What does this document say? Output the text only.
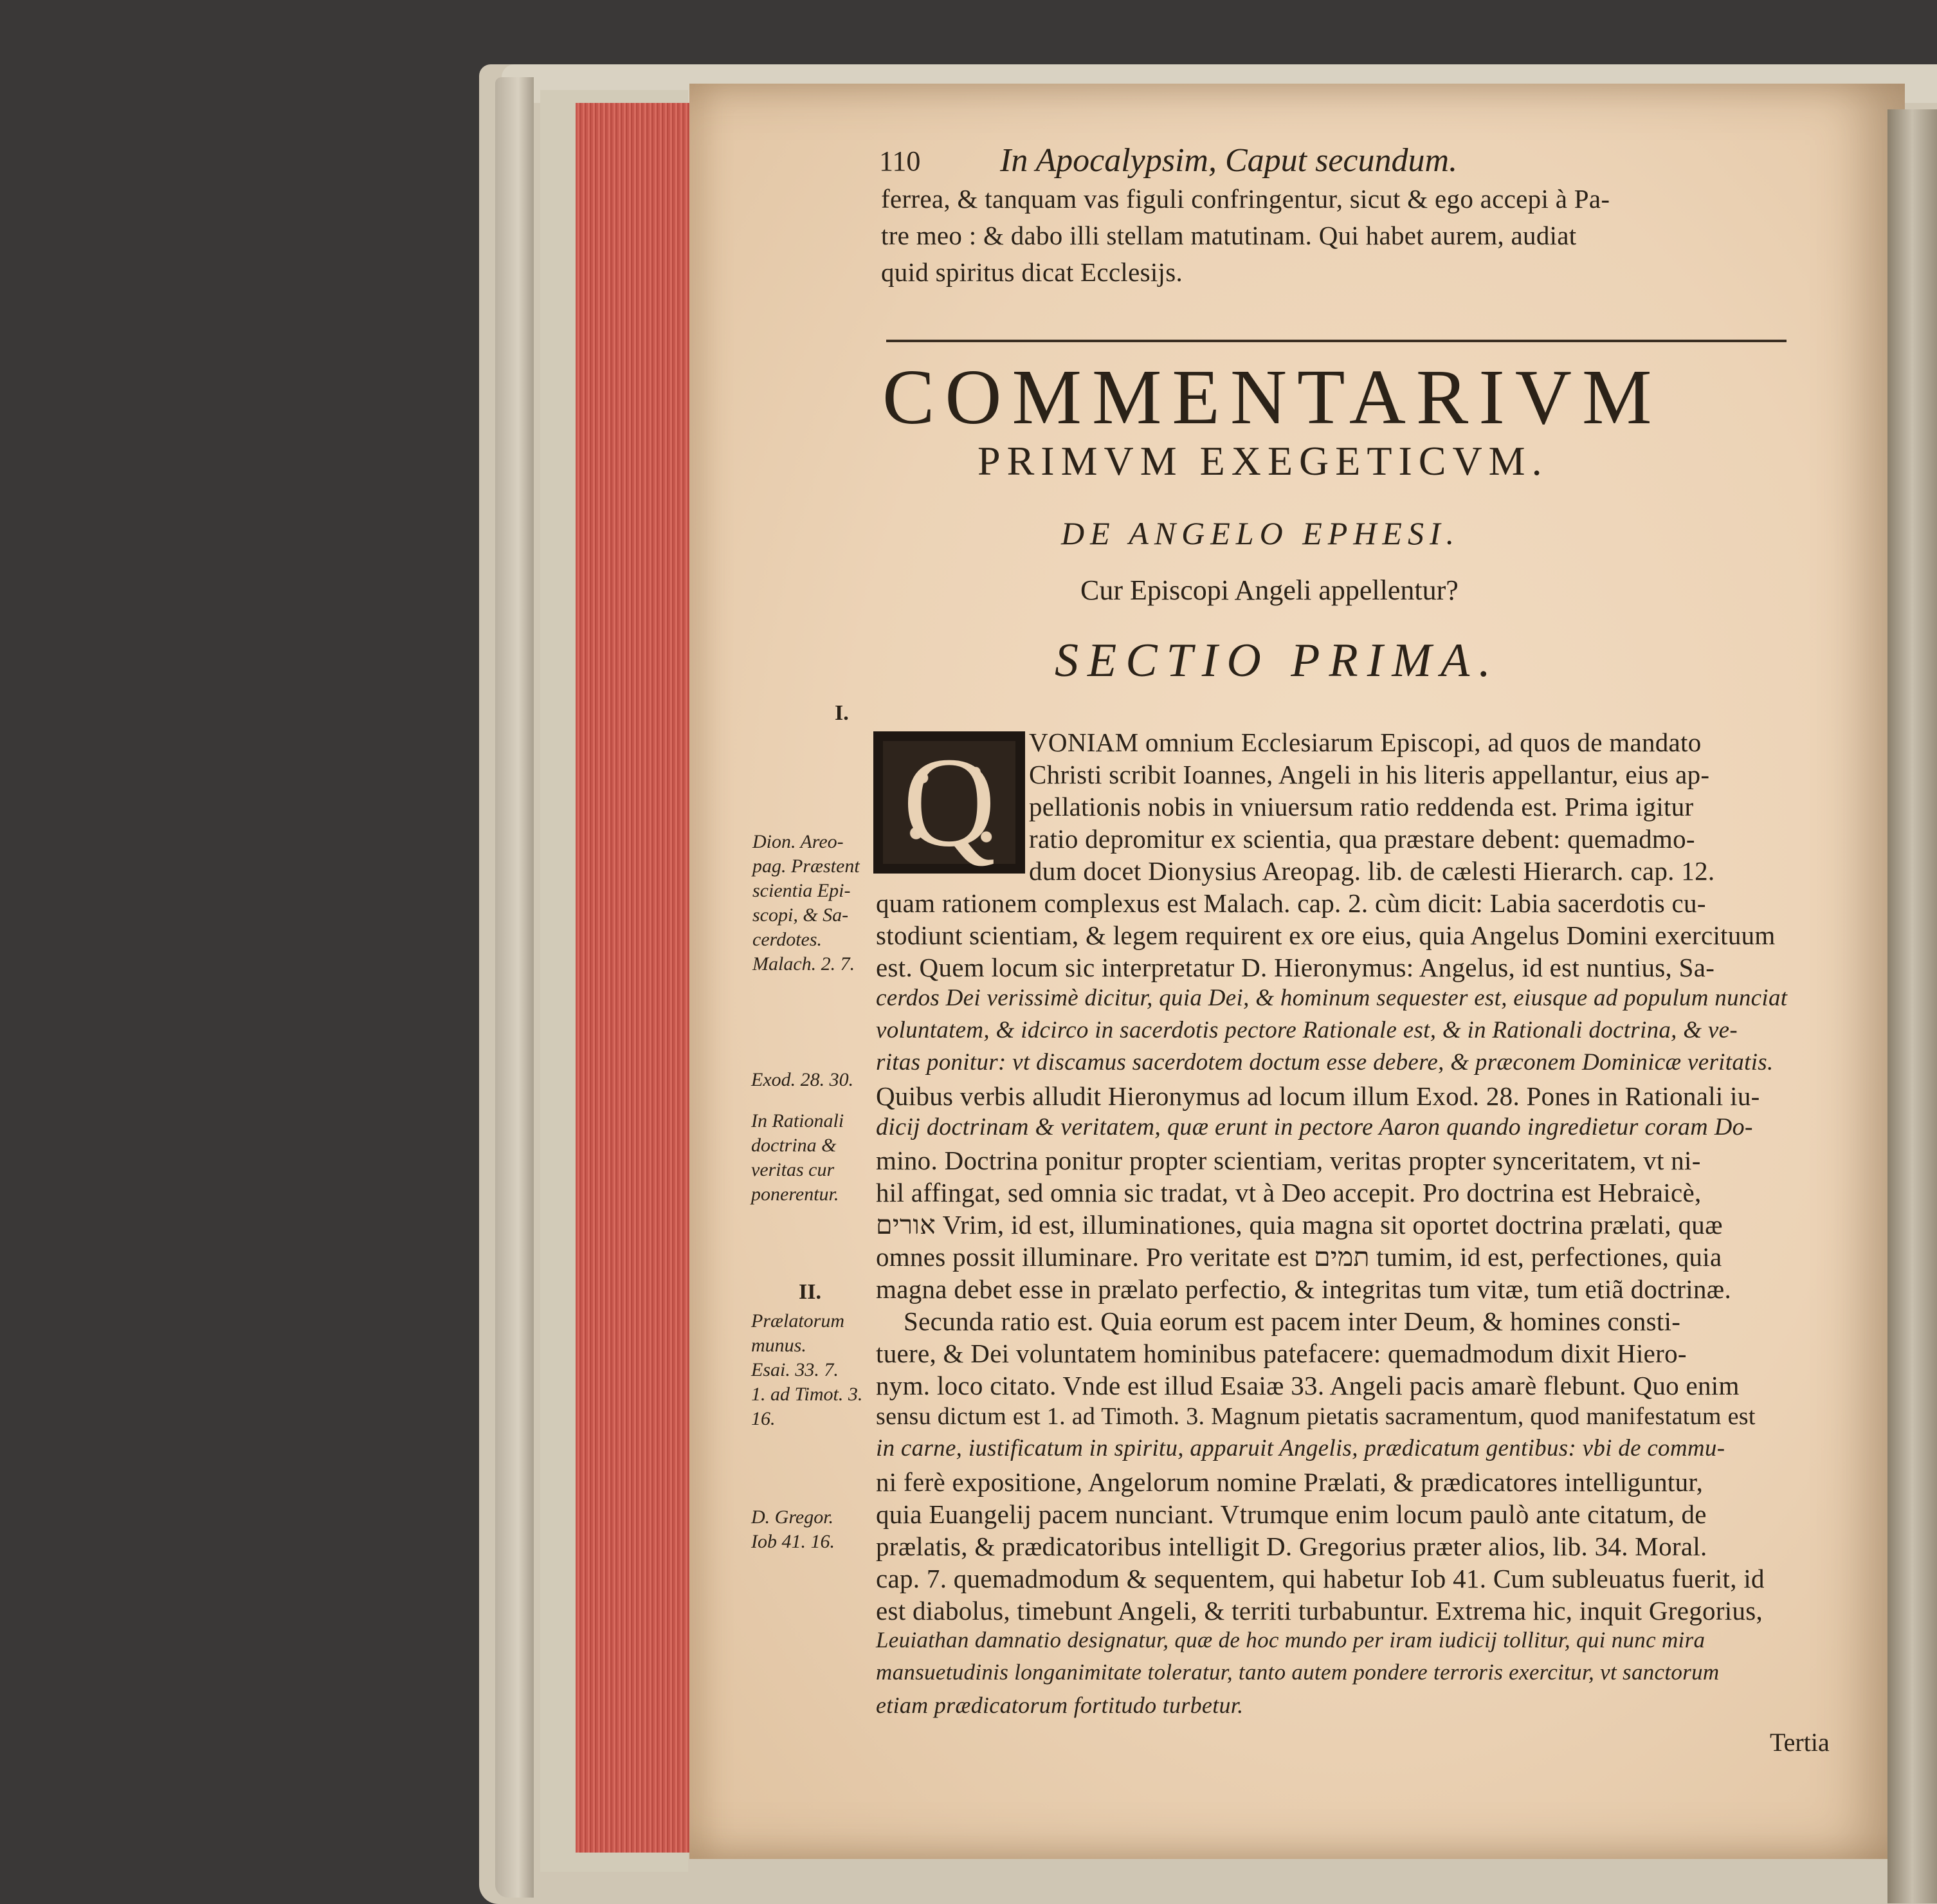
110 In Apocalypsim, Caput secundum.
ferrea, & tanquam vas figuli confringentur, sicut & ego accepi à Pa-
tre meo : & dabo illi stellam matutinam. Qui habet aurem, audiat
quid spiritus dicat Ecclesijs.
COMMENTARIVM
PRIMVM EXEGETICVM.
DE ANGELO EPHESI.
Cur Episcopi Angeli appellentur?
SECTIO PRIMA.
Q	VONIAM omnium Ecclesiarum Episcopi, ad quos de mandato
Christi scribit Ioannes, Angeli in his literis appellantur, eius ap-
pellationis nobis in vniuersum ratio reddenda est. Prima igitur
ratio depromitur ex scientia, qua præstare debent: quemadmo-
dum docet Dionysius Areopag. lib. de cælesti Hierarch. cap. 12.
quam rationem complexus est Malach. cap. 2. cùm dicit: Labia sacerdotis cu-
stodiunt scientiam, & legem requirent ex ore eius, quia Angelus Domini exercituum
est. Quem locum sic interpretatur D. Hieronymus: Angelus, id est nuntius, Sa-
cerdos Dei verissimè dicitur, quia Dei, & hominum sequester est, eiusque ad populum nunciat
voluntatem, & idcirco in sacerdotis pectore Rationale est, & in Rationali doctrina, & ve-
ritas ponitur: vt discamus sacerdotem doctum esse debere, & præconem Dominicæ veritatis.
Quibus verbis alludit Hieronymus ad locum illum Exod. 28. Pones in Rationali iu-
dicij doctrinam & veritatem, quæ erunt in pectore Aaron quando ingredietur coram Do-
mino. Doctrina ponitur propter scientiam, veritas propter synceritatem, vt ni-
hil affingat, sed omnia sic tradat, vt à Deo accepit. Pro doctrina est Hebraicè,
אורים Vrim, id est, illuminationes, quia magna sit oportet doctrina prælati, quæ
omnes possit illuminare. Pro veritate est תמים tumim, id est, perfectiones, quia
magna debet esse in prælato perfectio, & integritas tum vitæ, tum etiã doctrinæ.
Secunda ratio est. Quia eorum est pacem inter Deum, & homines consti-
tuere, & Dei voluntatem hominibus patefacere: quemadmodum dixit Hiero-
nym. loco citato. Vnde est illud Esaiæ 33. Angeli pacis amarè flebunt. Quo enim
sensu dictum est 1. ad Timoth. 3. Magnum pietatis sacramentum, quod manifestatum est
in carne, iustificatum in spiritu, apparuit Angelis, prædicatum gentibus: vbi de commu-
ni ferè expositione, Angelorum nomine Prælati, & prædicatores intelliguntur,
quia Euangelij pacem nunciant. Vtrumque enim locum paulò ante citatum, de
prælatis, & prædicatoribus intelligit D. Gregorius præter alios, lib. 34. Moral.
cap. 7. quemadmodum & sequentem, qui habetur Iob 41. Cum subleuatus fuerit, id
est diabolus, timebunt Angeli, & territi turbabuntur. Extrema hic, inquit Gregorius,
Leuiathan damnatio designatur, quæ de hoc mundo per iram iudicij tollitur, qui nunc mira
mansuetudinis longanimitate toleratur, tanto autem pondere terroris exercitur, vt sanctorum
etiam prædicatorum fortitudo turbetur.
Tertia
I.
Dion. Areo-
pag. Præstent
scientia Epi-
scopi, & Sa-
cerdotes.
Malach. 2. 7.
Exod. 28. 30.
In Rationali
doctrina &
veritas cur
ponerentur.
II.
Prælatorum
munus.
Esai. 33. 7.
1. ad Timot. 3.
16.
D. Gregor.
Iob 41. 16.
